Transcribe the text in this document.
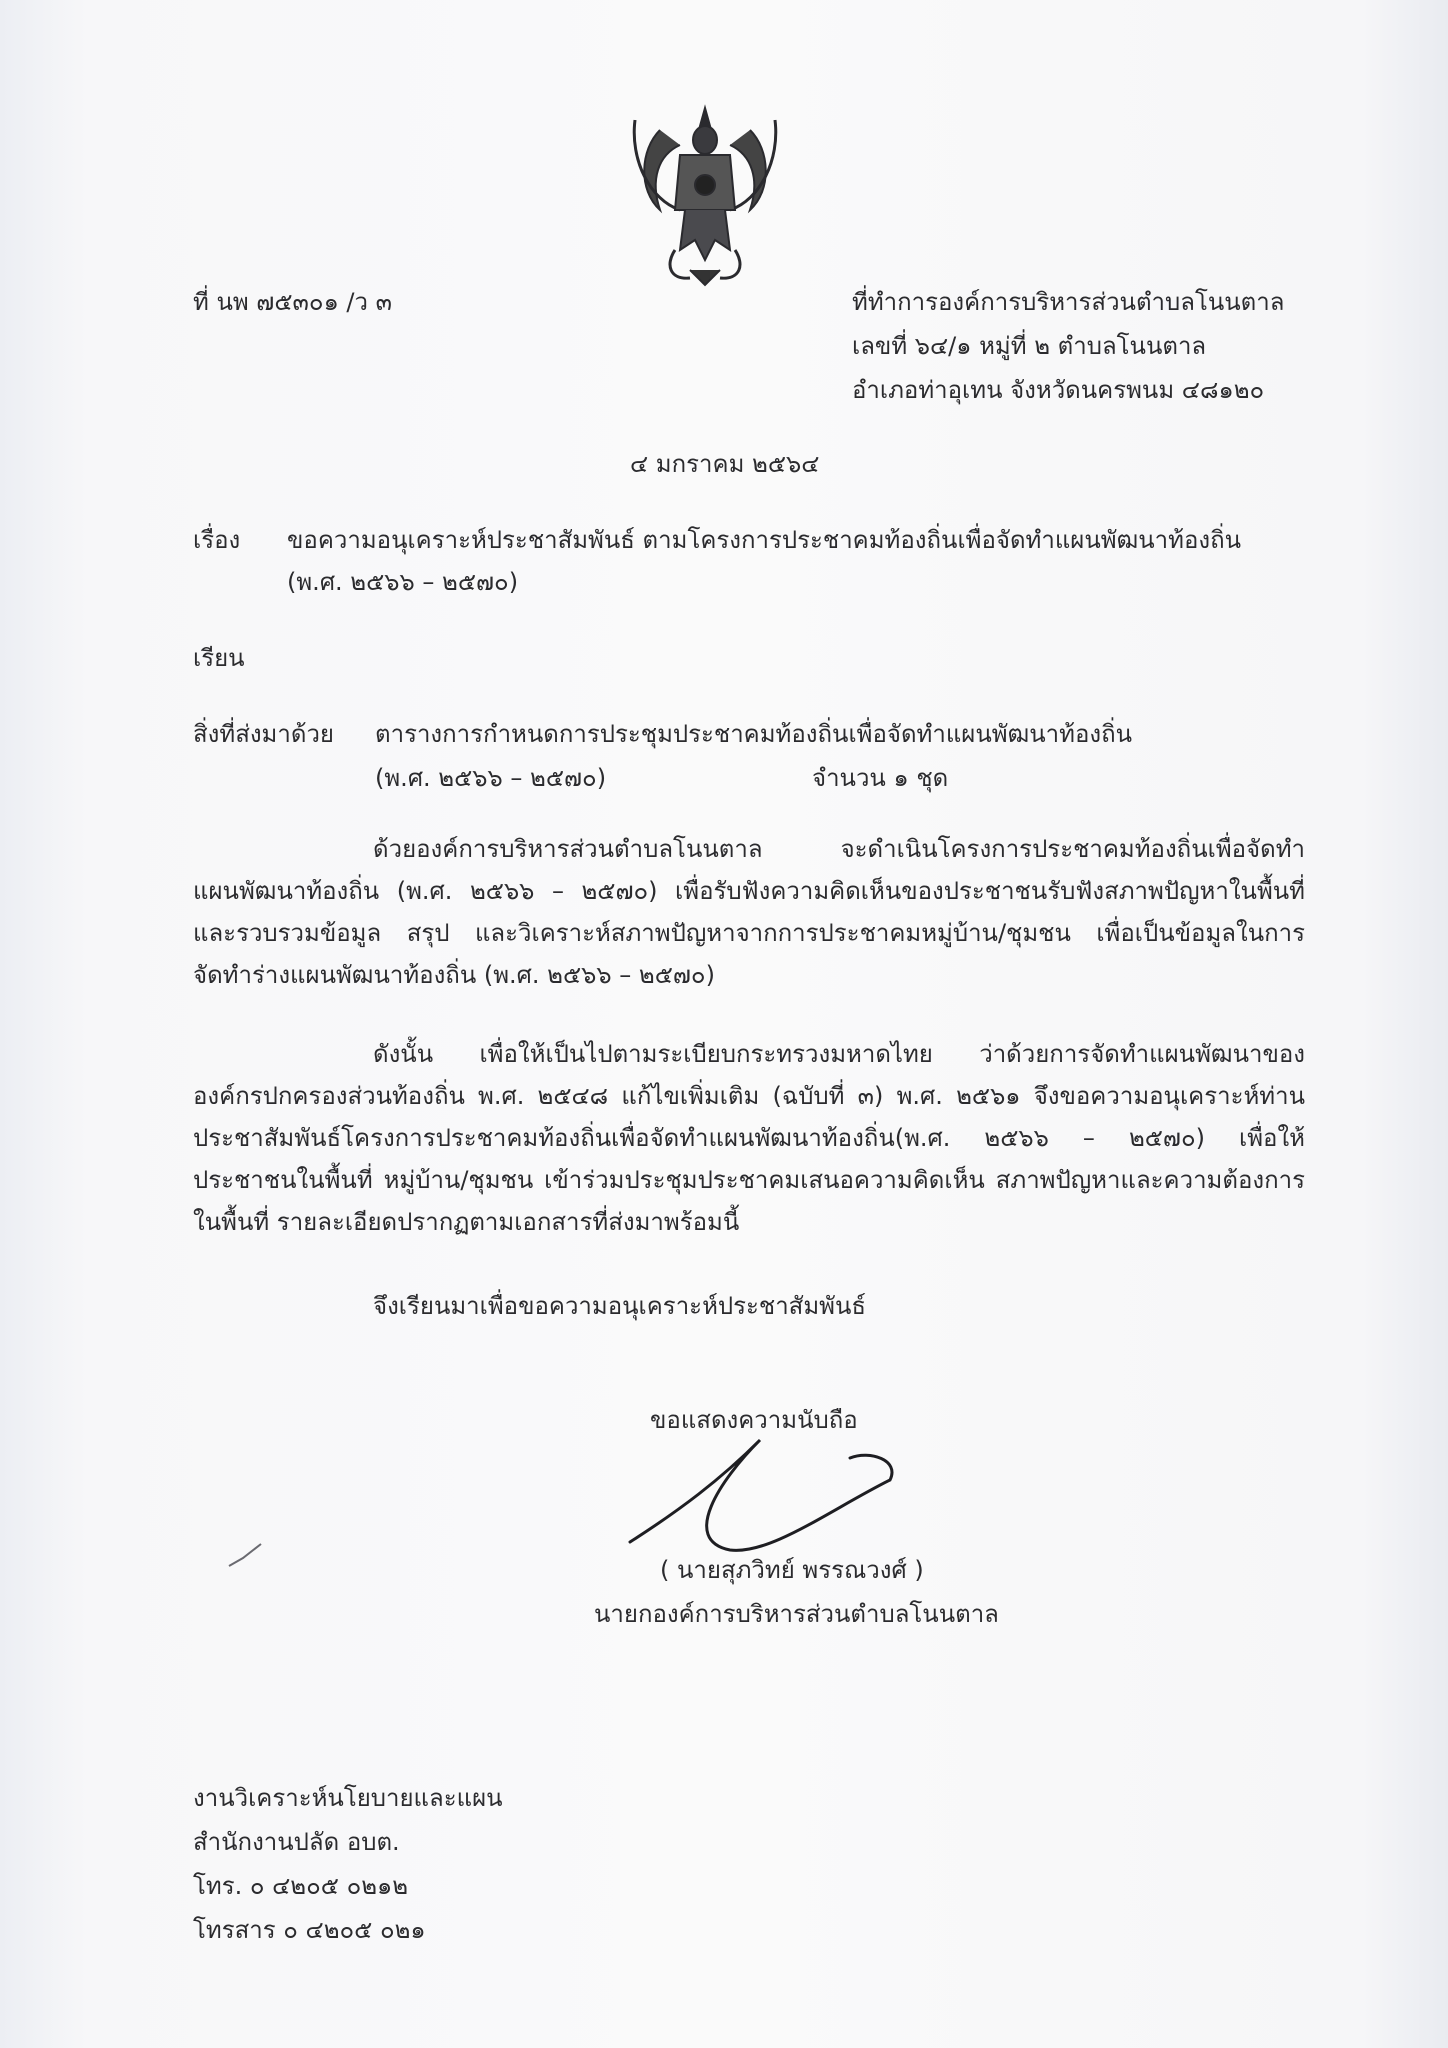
ที่ นพ ๗๕๓๐๑ /ว ๓	ที่ทำการองค์การบริหารส่วนตำบลโนนตาล
เลขที่ ๖๔/๑ หมู่ที่ ๒ ตำบลโนนตาล
อำเภอท่าอุเทน จังหวัดนครพนม ๔๘๑๒๐
๔ มกราคม ๒๕๖๔
เรื่อง ขอความอนุเคราะห์ประชาสัมพันธ์ ตามโครงการประชาคมท้องถิ่นเพื่อจัดทำแผนพัฒนาท้องถิ่น
(พ.ศ. ๒๕๖๖ – ๒๕๗๐)
เรียน
สิ่งที่ส่งมาด้วย ตารางการกำหนดการประชุมประชาคมท้องถิ่นเพื่อจัดทำแผนพัฒนาท้องถิ่น
(พ.ศ. ๒๕๖๖ – ๒๕๗๐)	จำนวน ๑ ชุด
ด้วยองค์การบริหารส่วนตำบลโนนตาล จะดำเนินโครงการประชาคมท้องถิ่นเพื่อจัดทำ
แผนพัฒนาท้องถิ่น (พ.ศ. ๒๕๖๖ – ๒๕๗๐) เพื่อรับฟังความคิดเห็นของประชาชนรับฟังสภาพปัญหาในพื้นที่
และรวบรวมข้อมูล สรุป และวิเคราะห์สภาพปัญหาจากการประชาคมหมู่บ้าน/ชุมชน เพื่อเป็นข้อมูลในการ
จัดทำร่างแผนพัฒนาท้องถิ่น (พ.ศ. ๒๕๖๖ – ๒๕๗๐)
ดังนั้น เพื่อให้เป็นไปตามระเบียบกระทรวงมหาดไทย ว่าด้วยการจัดทำแผนพัฒนาของ
องค์กรปกครองส่วนท้องถิ่น พ.ศ. ๒๕๔๘ แก้ไขเพิ่มเติม (ฉบับที่ ๓) พ.ศ. ๒๕๖๑ จึงขอความอนุเคราะห์ท่าน
ประชาสัมพันธ์โครงการประชาคมท้องถิ่นเพื่อจัดทำแผนพัฒนาท้องถิ่น(พ.ศ. ๒๕๖๖ – ๒๕๗๐) เพื่อให้
ประชาชนในพื้นที่ หมู่บ้าน/ชุมชน เข้าร่วมประชุมประชาคมเสนอความคิดเห็น สภาพปัญหาและความต้องการ
ในพื้นที่ รายละเอียดปรากฏตามเอกสารที่ส่งมาพร้อมนี้
จึงเรียนมาเพื่อขอความอนุเคราะห์ประชาสัมพันธ์
ขอแสดงความนับถือ
( นายสุภวิทย์ พรรณวงศ์ )
นายกองค์การบริหารส่วนตำบลโนนตาล
งานวิเคราะห์นโยบายและแผน
สำนักงานปลัด อบต.
โทร. ๐ ๔๒๐๕ ๐๒๑๒
โทรสาร ๐ ๔๒๐๕ ๐๒๑
